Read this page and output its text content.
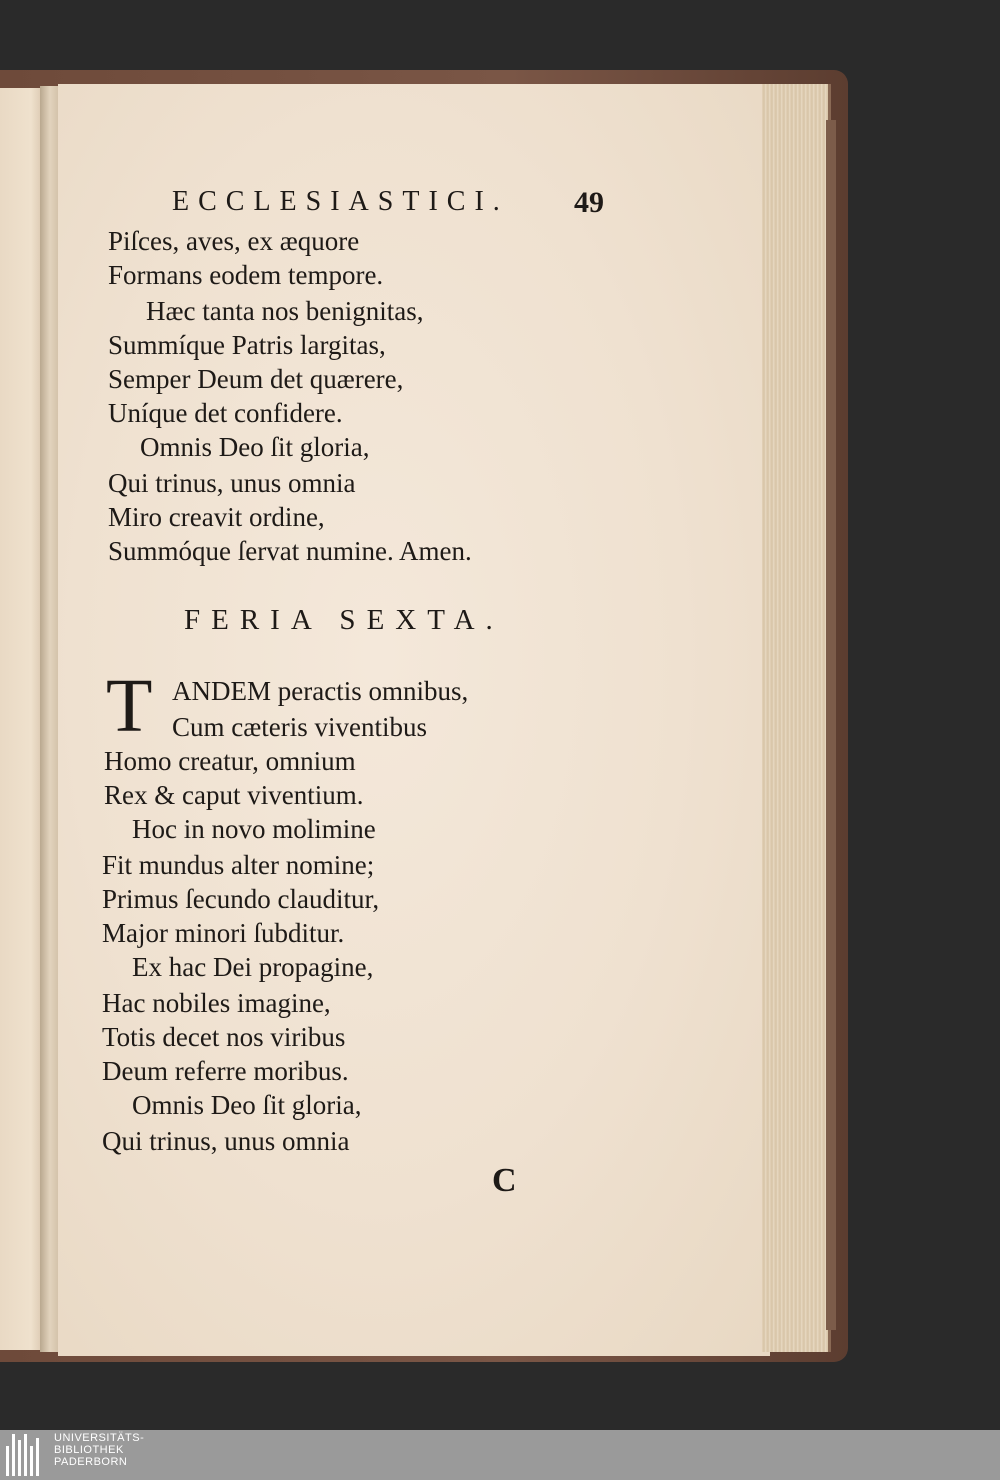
ECCLESIASTICI. 49
Piſces, aves, ex æquore
Formans eodem tempore.
Hæc tanta nos benignitas,
Summíque Patris largitas,
Semper Deum det quærere,
Uníque det confidere.
Omnis Deo ſit gloria,
Qui trinus, unus omnia
Miro creavit ordine,
Summóque ſervat numine. Amen.
FERIA SEXTA.
T ANDEM peractis omnibus,
Cum cæteris viventibus
Homo creatur, omnium
Rex & caput viventium.
Hoc in novo molimine
Fit mundus alter nomine;
Primus ſecundo clauditur,
Major minori ſubditur.
Ex hac Dei propagine,
Hac nobiles imagine,
Totis decet nos viribus
Deum referre moribus.
Omnis Deo ſit gloria,
Qui trinus, unus omnia
C
UNIVERSITÄTS-
BIBLIOTHEK
PADERBORN
